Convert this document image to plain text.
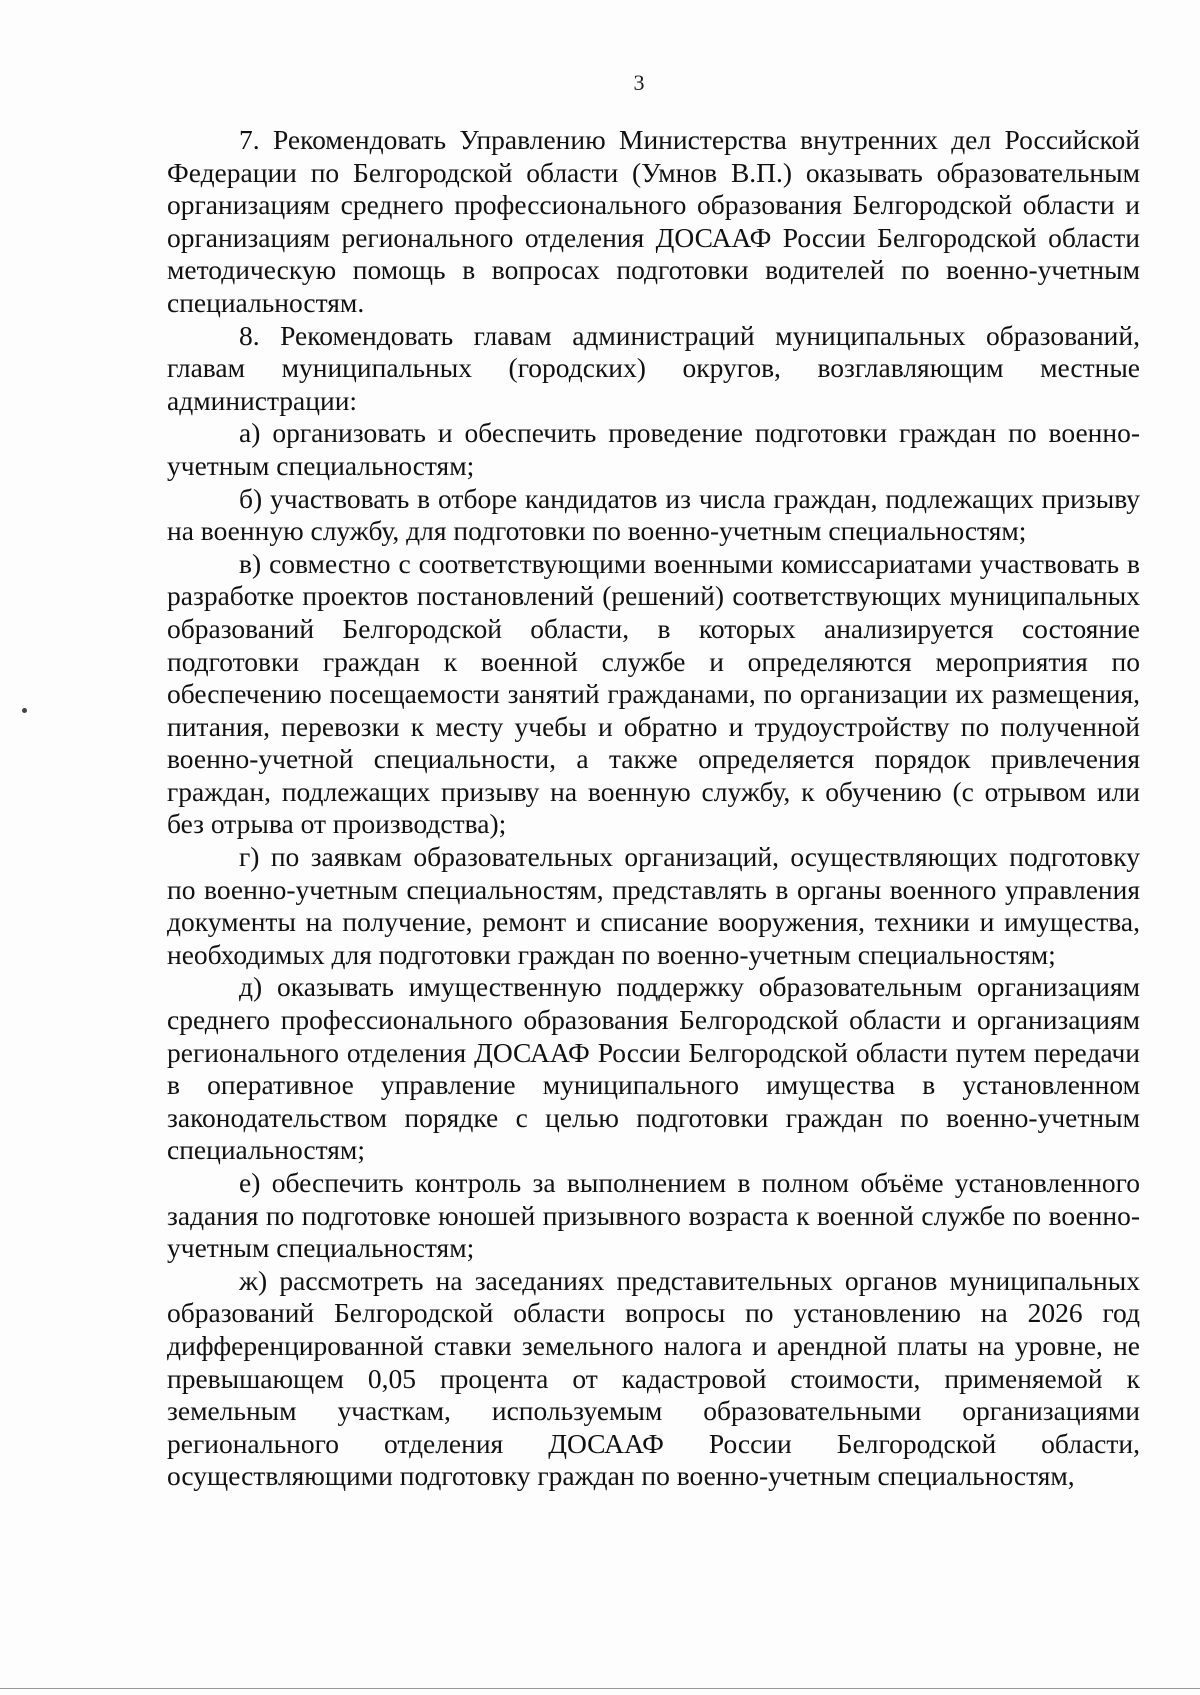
3

7. Рекомендовать Управлению Министерства внутренних дел Российской Федерации по Белгородской области (Умнов В.П.) оказывать образовательным организациям среднего профессионального образования Белгородской области и организациям регионального отделения ДОСААФ России Белгородской области методическую помощь в вопросах подготовки водителей по военно-учетным специальностям.

8. Рекомендовать главам администраций муниципальных образований, главам муниципальных (городских) округов, возглавляющим местные администрации:

а) организовать и обеспечить проведение подготовки граждан по военно-учетным специальностям;

б) участвовать в отборе кандидатов из числа граждан, подлежащих призыву на военную службу, для подготовки по военно-учетным специальностям;

в) совместно с соответствующими военными комиссариатами участвовать в разработке проектов постановлений (решений) соответствующих муниципальных образований Белгородской области, в которых анализируется состояние подготовки граждан к военной службе и определяются мероприятия по обеспечению посещаемости занятий гражданами, по организации их размещения, питания, перевозки к месту учебы и обратно и трудоустройству по полученной военно-учетной специальности, а также определяется порядок привлечения граждан, подлежащих призыву на военную службу, к обучению (с отрывом или без отрыва от производства);

г) по заявкам образовательных организаций, осуществляющих подготовку по военно-учетным специальностям, представлять в органы военного управления документы на получение, ремонт и списание вооружения, техники и имущества, необходимых для подготовки граждан по военно-учетным специальностям;

д) оказывать имущественную поддержку образовательным организациям среднего профессионального образования Белгородской области и организациям регионального отделения ДОСААФ России Белгородской области путем передачи в оперативное управление муниципального имущества в установленном законодательством порядке с целью подготовки граждан по военно-учетным специальностям;

е) обеспечить контроль за выполнением в полном объёме установленного задания по подготовке юношей призывного возраста к военной службе по военно-учетным специальностям;

ж) рассмотреть на заседаниях представительных органов муниципальных образований Белгородской области вопросы по установлению на 2026 год дифференцированной ставки земельного налога и арендной платы на уровне, не превышающем 0,05 процента от кадастровой стоимости, применяемой к земельным участкам, используемым образовательными организациями регионального отделения ДОСААФ России Белгородской области, осуществляющими подготовку граждан по военно-учетным специальностям,
